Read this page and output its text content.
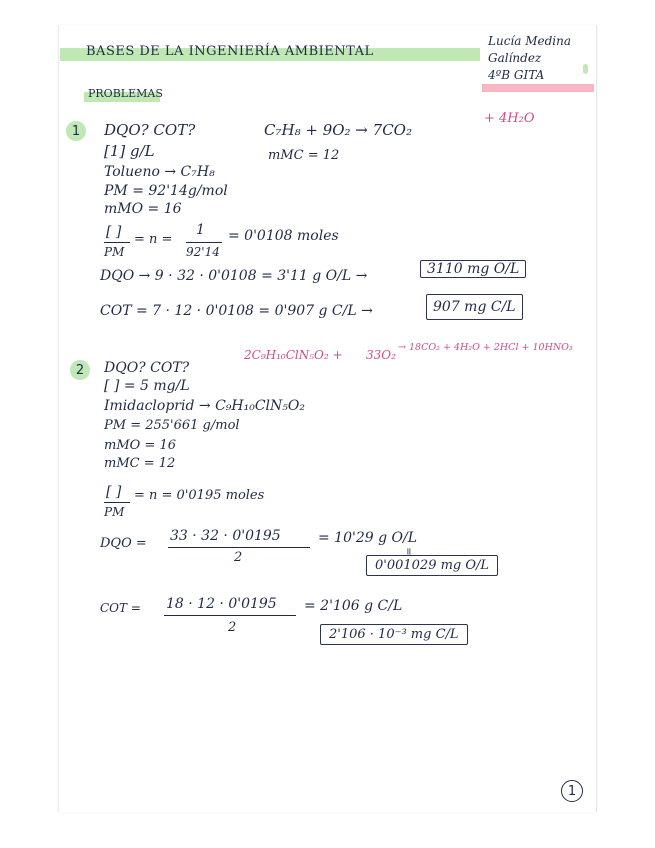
BASES DE LA INGENIERÍA AMBIENTAL
Lucía Medina
Galíndez
4ºB GITA
PROBLEMAS
1	DQO? COT?
[1] g/L
Tolueno → C₇H₈
PM = 92'14g/mol
mMO = 16
C₇H₈ + 9O₂ → 7CO₂
+ 4H₂O
mMC = 12
[ ]
PM
= n =
1
92'14
= 0'0108 moles
DQO → 9 · 32 · 0'0108 = 3'11 g O/L →	3110 mg O/L
COT = 7 · 12 · 0'0108 = 0'907 g C/L →	907 mg C/L
2	DQO? COT?
2C₉H₁₀ClN₅O₂ + 33O₂
→ 18CO₂ + 4H₂O + 2HCl + 10HNO₃
[ ] = 5 mg/L
Imidacloprid → C₉H₁₀ClN₅O₂
PM = 255'661 g/mol
mMO = 16
mMC = 12
[ ]
PM
= n = 0'0195 moles
DQO = 33 · 32 · 0'0195
2
= 10'29 g O/L
=
0'001029 mg O/L
COT = 18 · 12 · 0'0195
2
= 2'106 g C/L
2'106 · 10⁻³ mg C/L
1
